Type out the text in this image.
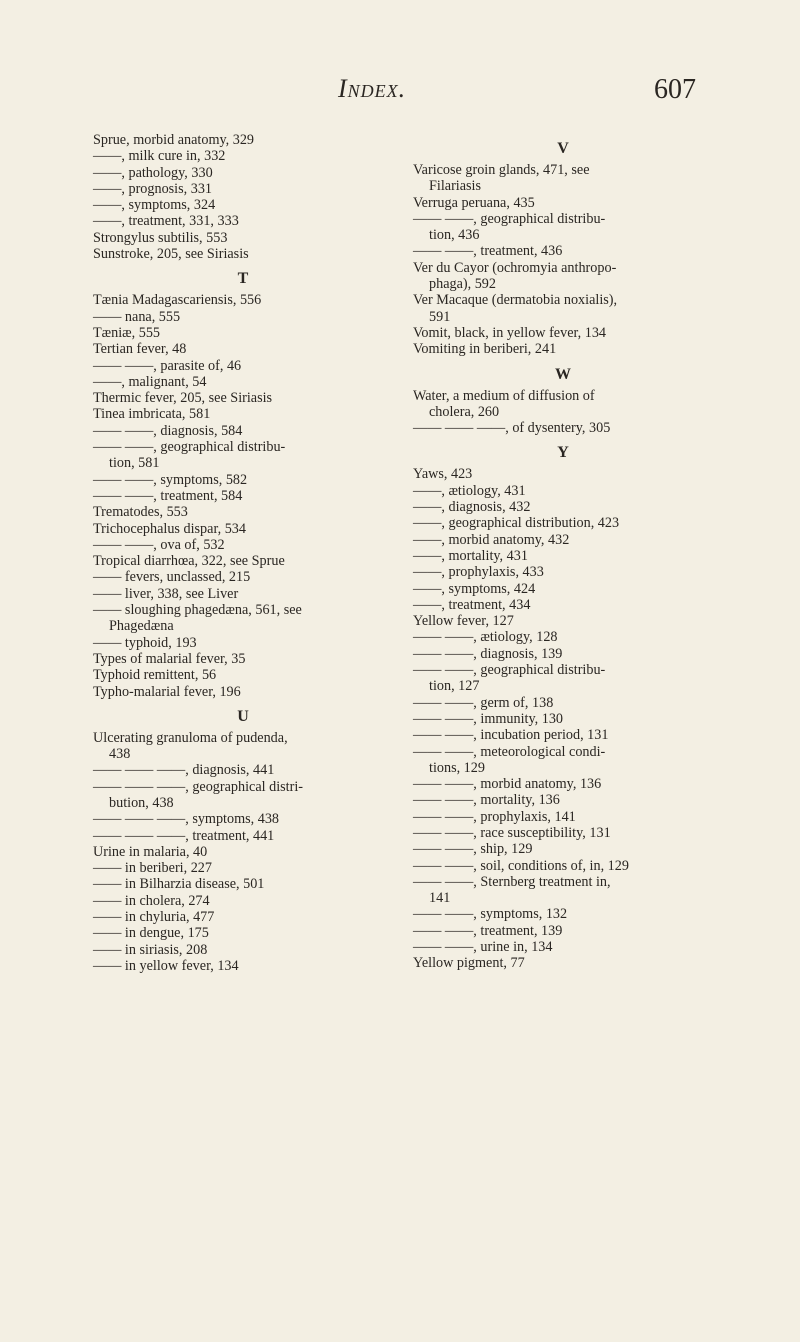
Index.	607
Sprue, morbid anatomy, 329
——, milk cure in, 332
——, pathology, 330
——, prognosis, 331
——, symptoms, 324
——, treatment, 331, 333
Strongylus subtilis, 553
Sunstroke, 205, see Siriasis
T
Tænia Madagascariensis, 556
—— nana, 555
Tæniæ, 555
Tertian fever, 48
—— ——, parasite of, 46
——, malignant, 54
Thermic fever, 205, see Siriasis
Tinea imbricata, 581
—— ——, diagnosis, 584
—— ——, geographical distribu-
tion, 581
—— ——, symptoms, 582
—— ——, treatment, 584
Trematodes, 553
Trichocephalus dispar, 534
—— ——, ova of, 532
Tropical diarrhœa, 322, see Sprue
—— fevers, unclassed, 215
—— liver, 338, see Liver
—— sloughing phagedæna, 561, see
Phagedæna
—— typhoid, 193
Types of malarial fever, 35
Typhoid remittent, 56
Typho-malarial fever, 196
U
Ulcerating granuloma of pudenda,
438
—— —— ——, diagnosis, 441
—— —— ——, geographical distri-
bution, 438
—— —— ——, symptoms, 438
—— —— ——, treatment, 441
Urine in malaria, 40
—— in beriberi, 227
—— in Bilharzia disease, 501
—— in cholera, 274
—— in chyluria, 477
—— in dengue, 175
—— in siriasis, 208
—— in yellow fever, 134
V
Varicose groin glands, 471, see
Filariasis
Verruga peruana, 435
—— ——, geographical distribu-
tion, 436
—— ——, treatment, 436
Ver du Cayor (ochromyia anthropo-
phaga), 592
Ver Macaque (dermatobia noxialis),
591
Vomit, black, in yellow fever, 134
Vomiting in beriberi, 241
W
Water, a medium of diffusion of
cholera, 260
—— —— ——, of dysentery, 305
Y
Yaws, 423
——, ætiology, 431
——, diagnosis, 432
——, geographical distribution, 423
——, morbid anatomy, 432
——, mortality, 431
——, prophylaxis, 433
——, symptoms, 424
——, treatment, 434
Yellow fever, 127
—— ——, ætiology, 128
—— ——, diagnosis, 139
—— ——, geographical distribu-
tion, 127
—— ——, germ of, 138
—— ——, immunity, 130
—— ——, incubation period, 131
—— ——, meteorological condi-
tions, 129
—— ——, morbid anatomy, 136
—— ——, mortality, 136
—— ——, prophylaxis, 141
—— ——, race susceptibility, 131
—— ——, ship, 129
—— ——, soil, conditions of, in, 129
—— ——, Sternberg treatment in,
141
—— ——, symptoms, 132
—— ——, treatment, 139
—— ——, urine in, 134
Yellow pigment, 77
